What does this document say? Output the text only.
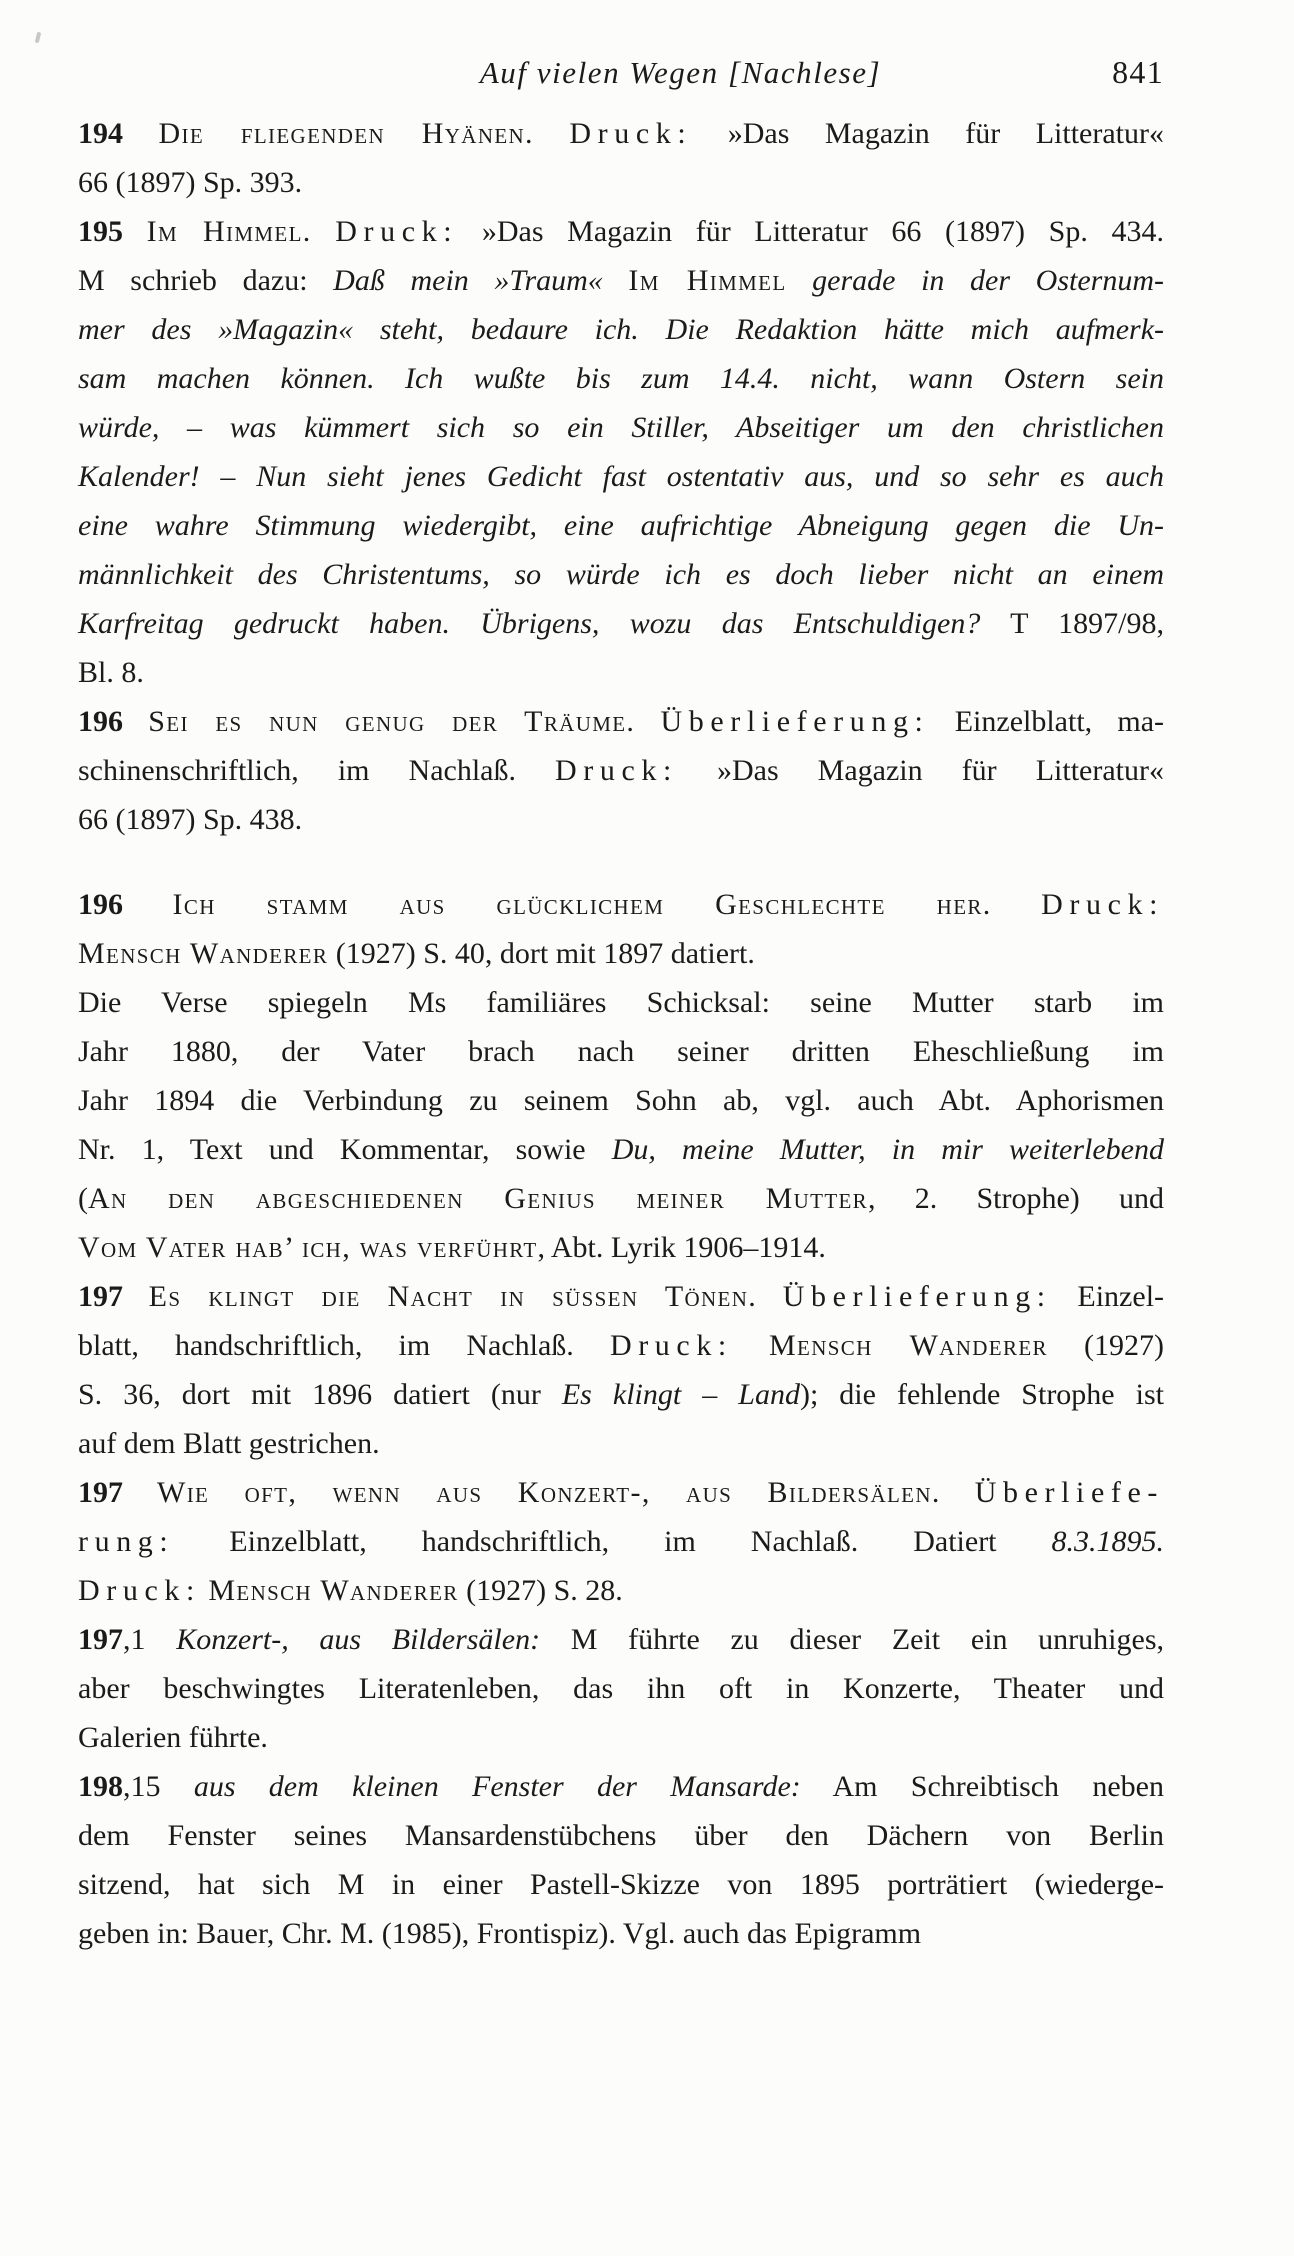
Auf vielen Wegen [Nachlese]	841
194 Die fliegenden Hyänen. Druck: »Das Magazin für Litteratur«
66 (1897) Sp. 393.
195 Im Himmel. Druck: »Das Magazin für Litteratur 66 (1897) Sp. 434.
M schrieb dazu: Daß mein »Traum« Im Himmel gerade in der Osternum-
mer des »Magazin« steht, bedaure ich. Die Redaktion hätte mich aufmerk-
sam machen können. Ich wußte bis zum 14.4. nicht, wann Ostern sein
würde, – was kümmert sich so ein Stiller, Abseitiger um den christlichen
Kalender! – Nun sieht jenes Gedicht fast ostentativ aus, und so sehr es auch
eine wahre Stimmung wiedergibt, eine aufrichtige Abneigung gegen die Un-
männlichkeit des Christentums, so würde ich es doch lieber nicht an einem
Karfreitag gedruckt haben. Übrigens, wozu das Entschuldigen? T 1897/98,
Bl. 8.
196 Sei es nun genug der Träume. Überlieferung: Einzelblatt, ma-
schinenschriftlich, im Nachlaß. Druck: »Das Magazin für Litteratur«
66 (1897) Sp. 438.
196 Ich stamm aus glücklichem Geschlechte her. Druck:
Mensch Wanderer (1927) S. 40, dort mit 1897 datiert.
Die Verse spiegeln Ms familiäres Schicksal: seine Mutter starb im
Jahr 1880, der Vater brach nach seiner dritten Eheschließung im
Jahr 1894 die Verbindung zu seinem Sohn ab, vgl. auch Abt. Aphorismen
Nr. 1, Text und Kommentar, sowie Du, meine Mutter, in mir weiterlebend
(An den abgeschiedenen Genius meiner Mutter, 2. Strophe) und
Vom Vater hab’ ich, was verführt, Abt. Lyrik 1906–1914.
197 Es klingt die Nacht in süssen Tönen. Überlieferung: Einzel-
blatt, handschriftlich, im Nachlaß. Druck: Mensch Wanderer (1927)
S. 36, dort mit 1896 datiert (nur Es klingt – Land); die fehlende Strophe ist
auf dem Blatt gestrichen.
197 Wie oft, wenn aus Konzert-, aus Bildersälen. Überliefe-
rung: Einzelblatt, handschriftlich, im Nachlaß. Datiert 8.3.1895.
Druck: Mensch Wanderer (1927) S. 28.
197,1 Konzert-, aus Bildersälen: M führte zu dieser Zeit ein unruhiges,
aber beschwingtes Literatenleben, das ihn oft in Konzerte, Theater und
Galerien führte.
198,15 aus dem kleinen Fenster der Mansarde: Am Schreibtisch neben
dem Fenster seines Mansardenstübchens über den Dächern von Berlin
sitzend, hat sich M in einer Pastell-Skizze von 1895 porträtiert (wiederge-
geben in: Bauer, Chr. M. (1985), Frontispiz). Vgl. auch das Epigramm
